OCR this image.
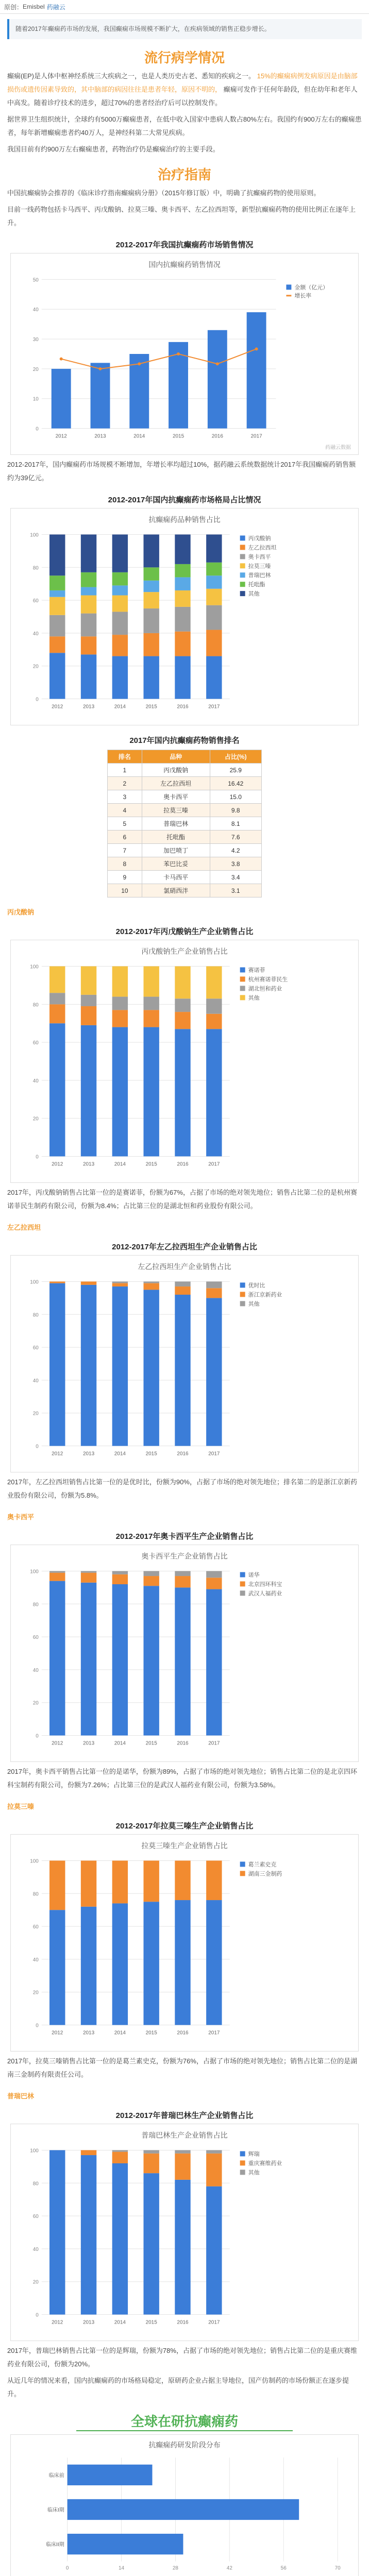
原创： Emisbel 药融云
随着2017年癫痫药市场的发展，我国癫痫市场规模不断扩大，在疾病领域的销售正稳步增长。
流行病学情况

癫痫(EP)是人体中枢神经系统三大疾病之一，也是人类历史古老、悉知的疾病之一。 15%的癫痫病例发病原因是由脑部损伤或遗传因素导致的，其中脑部的病因往往是患者年轻，原因不明的， 癫痫可发作于任何年龄段，但在幼年和老年人中高发。随着诊疗技术的进步，超过70%的患者经治疗后可以控制发作。

据世界卫生组织统计，全球约有5000万癫痫患者，在低中收入国家中患病人数占80%左右。我国约有900万左右的癫痫患者，每年新增癫痫患者约40万人，是神经科第二大常见疾病。

我国目前有约900万左右癫痫患者，药物治疗仍是癫痫治疗的主要手段。

治疗指南

中国抗癫痫协会推荐的《临床诊疗指南癫痫病分册》（2015年修订版）中，明确了抗癫痫药物的使用原则。

目前一线药物包括卡马西平、丙戊酸钠、拉莫三嗪、奥卡西平、左乙拉西坦等，新型抗癫痫药物的使用比例正在逐年上升。

2012-2017年我国抗癫痫药市场销售情况
国内抗癫痫药销售情况
0
10
20
30
40
50
2012	2013	2014	2015	2016	2017
金额（亿元）
增长率
药融云数据

2012-2017年，国内癫痫药市场规模不断增加，年增长率均超过10%，据药融云系统数据统计2017年我国癫痫药销售额约为39亿元。

2012-2017年国内抗癫痫药市场格局占比情况
抗癫痫药品种销售占比
0
20
40
60
80
100
2012	2013	2014	2015	2016	2017
丙戊酸钠
左乙拉西坦
奥卡西平
拉莫三嗪
普瑞巴林
托吡酯
其他
2017年国内抗癫痫药物销售排名
排名	品种	占比(%)
1	丙戊酸钠	25.9
2	左乙拉西坦	16.42
3	奥卡西平	15.0
4	拉莫三嗪	9.8
5	普瑞巴林	8.1
6	托吡酯	7.6
7	加巴喷丁	4.2
8	苯巴比妥	3.8
9	卡马西平	3.4
10	氯硝西泮	3.1
丙戊酸钠
2012-2017年丙戊酸钠生产企业销售占比
丙戊酸钠生产企业销售占比
0
20
40
60
80
100
2012	2013	2014	2015	2016	2017
赛诺菲
杭州赛诺菲民生
湖北恒和药业
其他

2017年，丙戊酸钠销售占比第一位的是赛诺菲，份额为67%，占据了市场的绝对领先地位；销售占比第二位的是杭州赛诺菲民生制药有限公司，份额为8.4%；占比第三位的是湖北恒和药业股份有限公司。

左乙拉西坦
2012-2017年左乙拉西坦生产企业销售占比
左乙拉西坦生产企业销售占比
0
20
40
60
80
100
2012	2013	2014	2015	2016	2017
优时比
浙江京新药业
其他

2017年，左乙拉西坦销售占比第一位的是优时比，份额为90%，占据了市场的绝对领先地位；排名第二的是浙江京新药业股份有限公司，份额为5.8%。

奥卡西平
2012-2017年奥卡西平生产企业销售占比
奥卡西平生产企业销售占比
0
20
40
60
80
100
2012	2013	2014	2015	2016	2017
诺华
北京四环科宝
武汉人福药业

2017年，奥卡西平销售占比第一位的是诺华，份额为89%，占据了市场的绝对领先地位；销售占比第二位的是北京四环科宝制药有限公司，份额为7.26%；占比第三位的是武汉人福药业有限公司，份额为3.58%。

拉莫三嗪
2012-2017年拉莫三嗪生产企业销售占比
拉莫三嗪生产企业销售占比
0
20
40
60
80
100
2012	2013	2014	2015	2016	2017
葛兰素史克
湖南三金制药

2017年，拉莫三嗪销售占比第一位的是葛兰素史克，份额为76%，占据了市场的绝对领先地位；销售占比第二位的是湖南三金制药有限责任公司。

普瑞巴林
2012-2017年普瑞巴林生产企业销售占比
普瑞巴林生产企业销售占比
0
20
40
60
80
100
2012	2013	2014	2015	2016	2017
辉瑞
重庆赛维药业
其他

2017年，普瑞巴林销售占比第一位的是辉瑞，份额为78%，占据了市场的绝对领先地位；销售占比第二位的是重庆赛维药业有限公司，份额为20%。

从近几年的情况来看，国内抗癫痫药的市场格局稳定，原研药企业占据主导地位，国产仿制药的市场份额正在逐步提升。

全球在研抗癫痫药
抗癫痫药研发阶段分布
0	14	28	42	56	70
临床前
临床I期
临床II期
